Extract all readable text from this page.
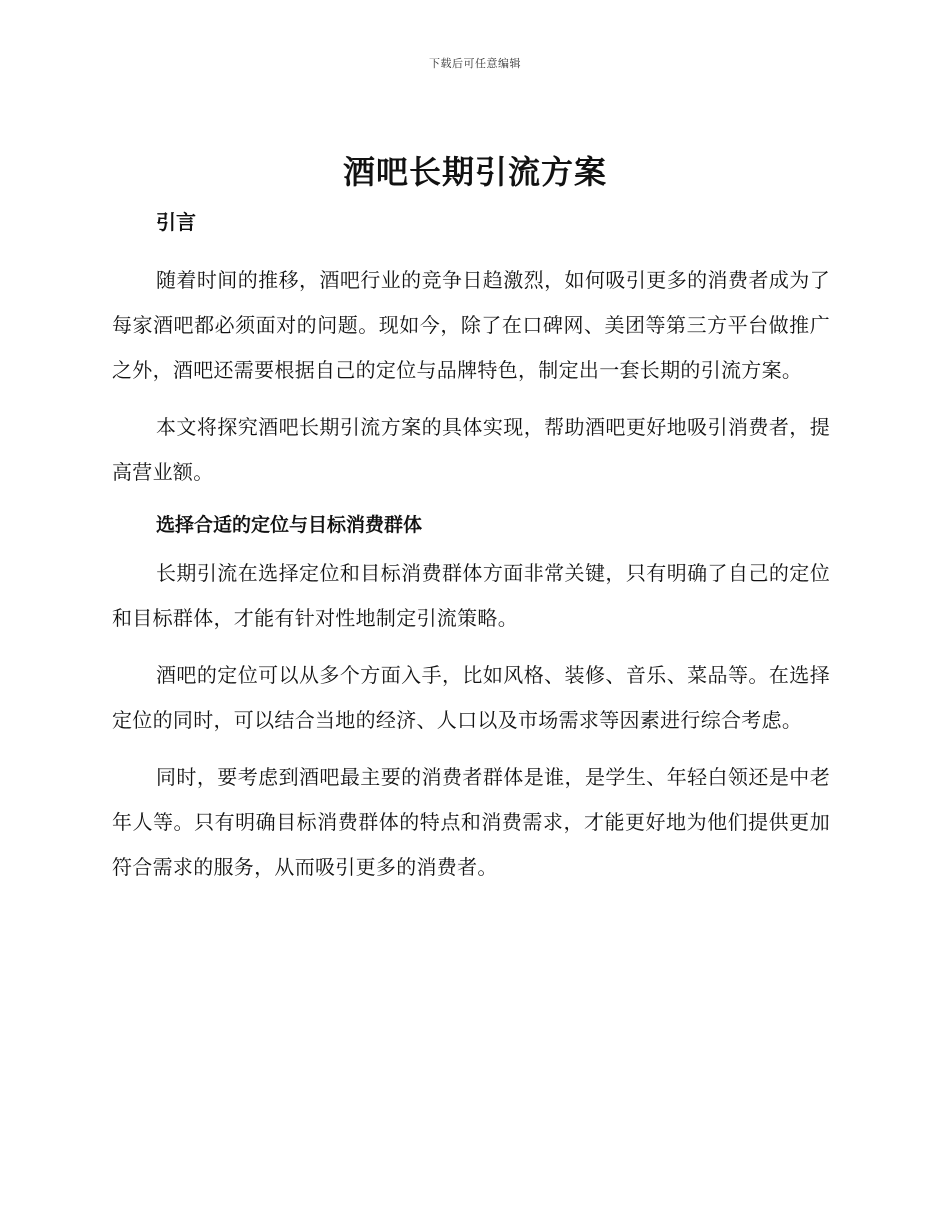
下载后可任意编辑
酒吧长期引流方案
引言

随着时间的推移，酒吧行业的竞争日趋激烈，如何吸引更多的消费者成为了每家酒吧都必须面对的问题。现如今，除了在口碑网、美团等第三方平台做推广之外，酒吧还需要根据自己的定位与品牌特色，制定出一套长期的引流方案。

本文将探究酒吧长期引流方案的具体实现，帮助酒吧更好地吸引消费者，提高营业额。

选择合适的定位与目标消费群体

长期引流在选择定位和目标消费群体方面非常关键，只有明确了自己的定位和目标群体，才能有针对性地制定引流策略。

酒吧的定位可以从多个方面入手，比如风格、装修、音乐、菜品等。在选择定位的同时，可以结合当地的经济、人口以及市场需求等因素进行综合考虑。

同时，要考虑到酒吧最主要的消费者群体是谁，是学生、年轻白领还是中老年人等。只有明确目标消费群体的特点和消费需求，才能更好地为他们提供更加符合需求的服务，从而吸引更多的消费者。
